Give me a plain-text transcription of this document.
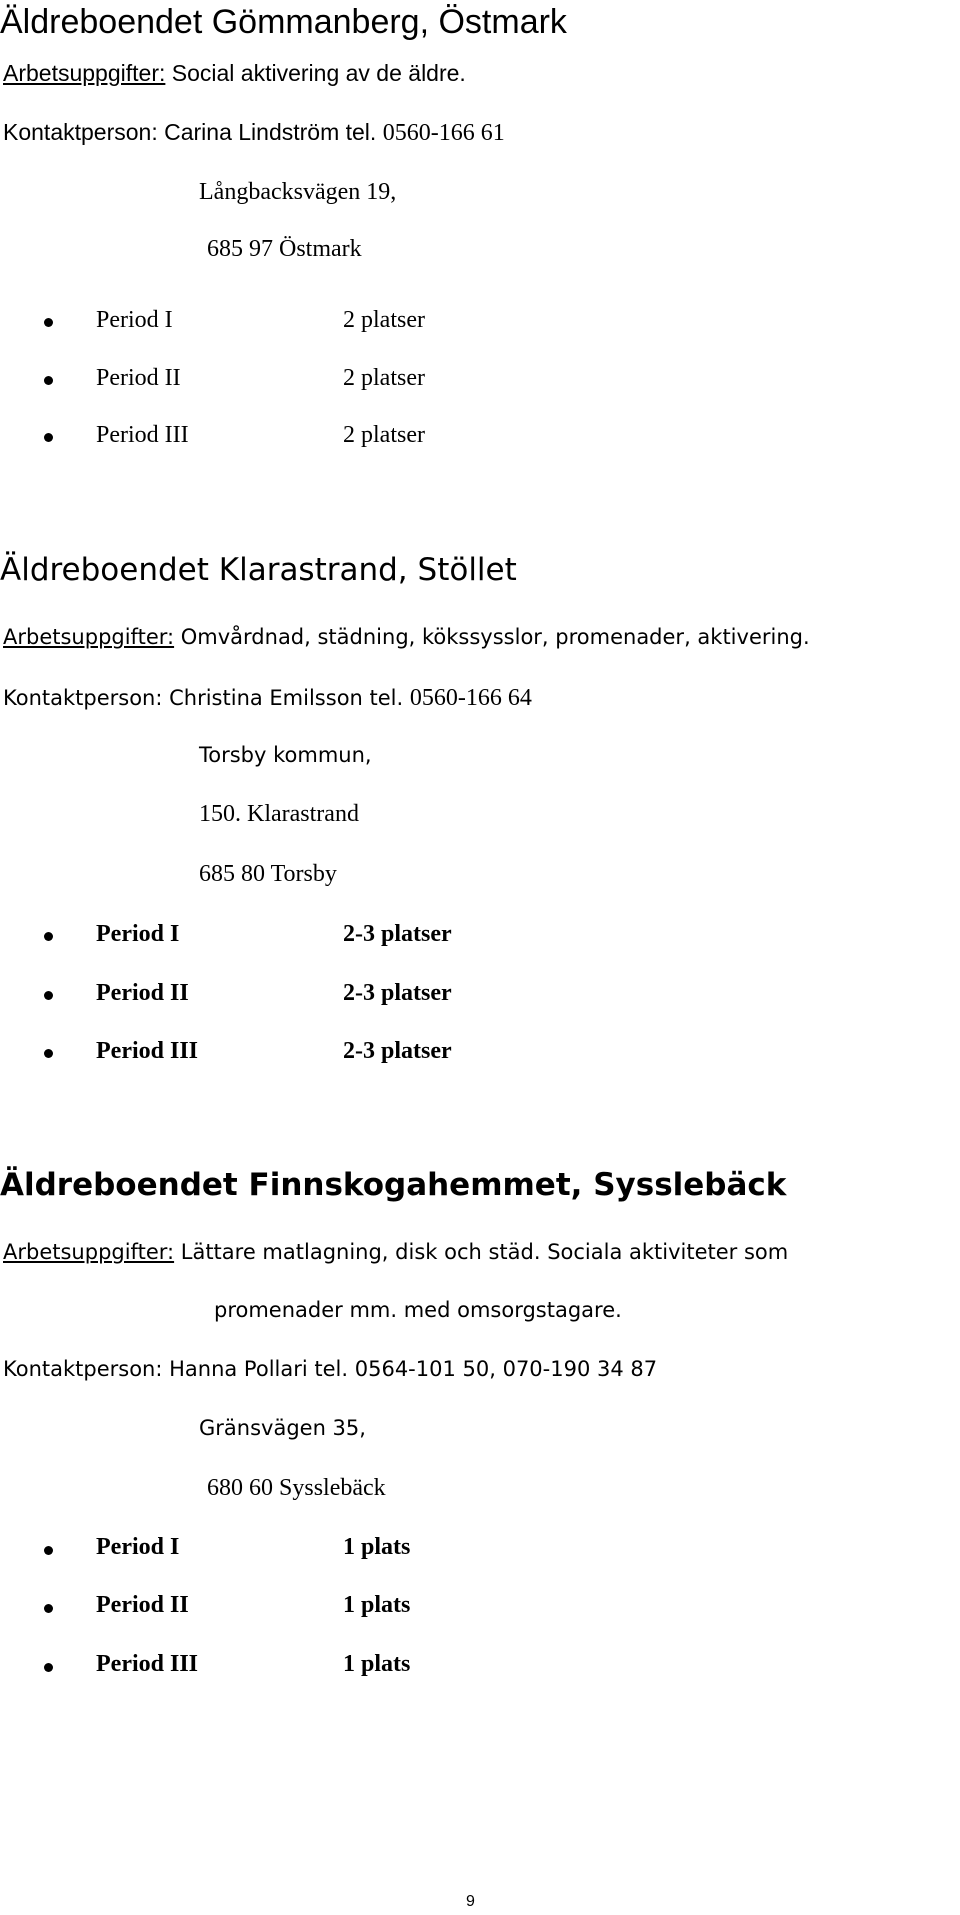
Äldreboendet Gömmanberg, Östmark
Arbetsuppgifter: Social aktivering av de äldre.
Kontaktperson: Carina Lindström tel. 0560-166 61
Långbacksvägen 19,
685 97 Östmark
Period I	2 platser
Period II	2 platser
Period III	2 platser
Äldreboendet Klarastrand, Stöllet
Arbetsuppgifter: Omvårdnad, städning, kökssysslor, promenader, aktivering.
Kontaktperson: Christina Emilsson tel. 0560-166 64
Torsby kommun,
150. Klarastrand
685 80 Torsby
Period I	2-3 platser
Period II	2-3 platser
Period III	2-3 platser
Äldreboendet Finnskogahemmet, Sysslebäck
Arbetsuppgifter: Lättare matlagning, disk och städ. Sociala aktiviteter som
promenader mm. med omsorgstagare.
Kontaktperson: Hanna Pollari tel. 0564-101 50, 070-190 34 87
Gränsvägen 35,
680 60 Sysslebäck
Period I	1 plats
Period II	1 plats
Period III	1 plats
9
